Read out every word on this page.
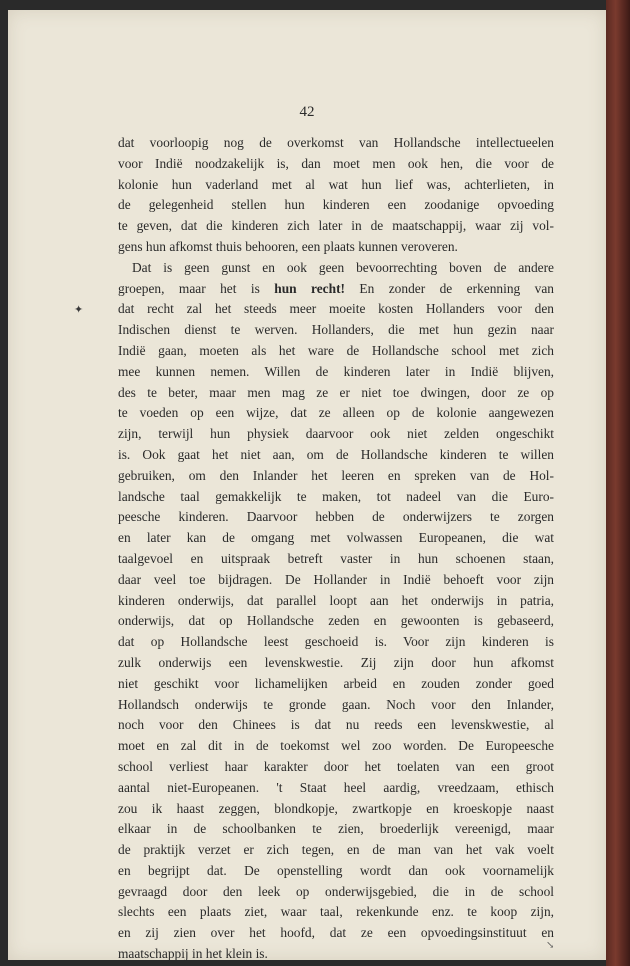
42
✦
↘
dat voorloopig nog de overkomst van Hollandsche intellectueelen
voor Indië noodzakelijk is, dan moet men ook hen, die voor de
kolonie hun vaderland met al wat hun lief was, achterlieten, in
de gelegenheid stellen hun kinderen een zoodanige opvoeding
te geven, dat die kinderen zich later in de maatschappij, waar zij vol-
gens hun afkomst thuis behooren, een plaats kunnen veroveren.
Dat is geen gunst en ook geen bevoorrechting boven de andere
groepen, maar het is hun recht! En zonder de erkenning van
dat recht zal het steeds meer moeite kosten Hollanders voor den
Indischen dienst te werven. Hollanders, die met hun gezin naar
Indië gaan, moeten als het ware de Hollandsche school met zich
mee kunnen nemen. Willen de kinderen later in Indië blijven,
des te beter, maar men mag ze er niet toe dwingen, door ze op
te voeden op een wijze, dat ze alleen op de kolonie aangewezen
zijn, terwijl hun physiek daarvoor ook niet zelden ongeschikt
is. Ook gaat het niet aan, om de Hollandsche kinderen te willen
gebruiken, om den Inlander het leeren en spreken van de Hol-
landsche taal gemakkelijk te maken, tot nadeel van die Euro-
peesche kinderen. Daarvoor hebben de onderwijzers te zorgen
en later kan de omgang met volwassen Europeanen, die wat
taalgevoel en uitspraak betreft vaster in hun schoenen staan,
daar veel toe bijdragen. De Hollander in Indië behoeft voor zijn
kinderen onderwijs, dat parallel loopt aan het onderwijs in patria,
onderwijs, dat op Hollandsche zeden en gewoonten is gebaseerd,
dat op Hollandsche leest geschoeid is. Voor zijn kinderen is
zulk onderwijs een levenskwestie. Zij zijn door hun afkomst
niet geschikt voor lichamelijken arbeid en zouden zonder goed
Hollandsch onderwijs te gronde gaan. Noch voor den Inlander,
noch voor den Chinees is dat nu reeds een levenskwestie, al
moet en zal dit in de toekomst wel zoo worden. De Europeesche
school verliest haar karakter door het toelaten van een groot
aantal niet-Europeanen. 't Staat heel aardig, vreedzaam, ethisch
zou ik haast zeggen, blondkopje, zwartkopje en kroeskopje naast
elkaar in de schoolbanken te zien, broederlijk vereenigd, maar
de praktijk verzet er zich tegen, en de man van het vak voelt
en begrijpt dat. De openstelling wordt dan ook voornamelijk
gevraagd door den leek op onderwijsgebied, die in de school
slechts een plaats ziet, waar taal, rekenkunde enz. te koop zijn,
en zij zien over het hoofd, dat ze een opvoedingsinstituut en
maatschappij in het klein is.
